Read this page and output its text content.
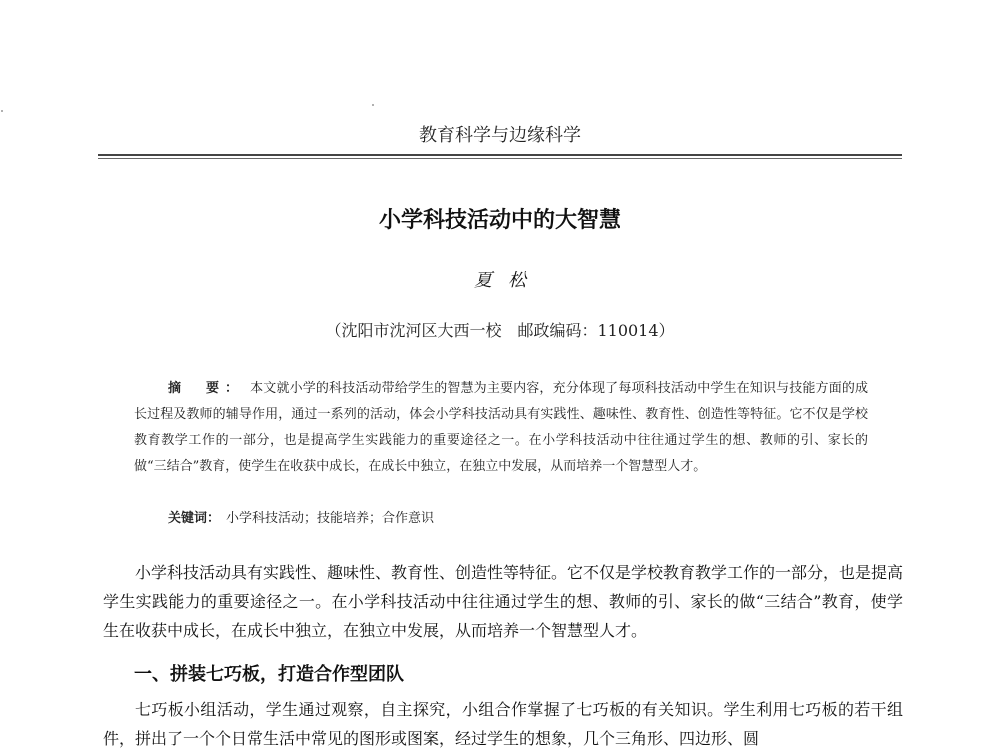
教育科学与边缘科学
小学科技活动中的大智慧
夏松
（沈阳市沈河区大西一校　邮政编码：110014）

摘　要： 本文就小学的科技活动带给学生的智慧为主要内容，充分体现了每项科技活动中学生在知识与技能方面的成长过程及教师的辅导作用，通过一系列的活动，体会小学科技活动具有实践性、趣味性、教育性、创造性等特征。它不仅是学校教育教学工作的一部分，也是提高学生实践能力的重要途径之一。在小学科技活动中往往通过学生的想、教师的引、家长的做“三结合”教育，使学生在收获中成长，在成长中独立，在独立中发展，从而培养一个智慧型人才。

关键词： 小学科技活动；技能培养；合作意识

小学科技活动具有实践性、趣味性、教育性、创造性等特征。它不仅是学校教育教学工作的一部分，也是提高学生实践能力的重要途径之一。在小学科技活动中往往通过学生的想、教师的引、家长的做“三结合”教育，使学生在收获中成长，在成长中独立，在独立中发展，从而培养一个智慧型人才。

一、拼装七巧板，打造合作型团队

七巧板小组活动，学生通过观察，自主探究，小组合作掌握了七巧板的有关知识。学生利用七巧板的若干组件，拼出了一个个日常生活中常见的图形或图案，经过学生的想象，几个三角形、四边形、圆
